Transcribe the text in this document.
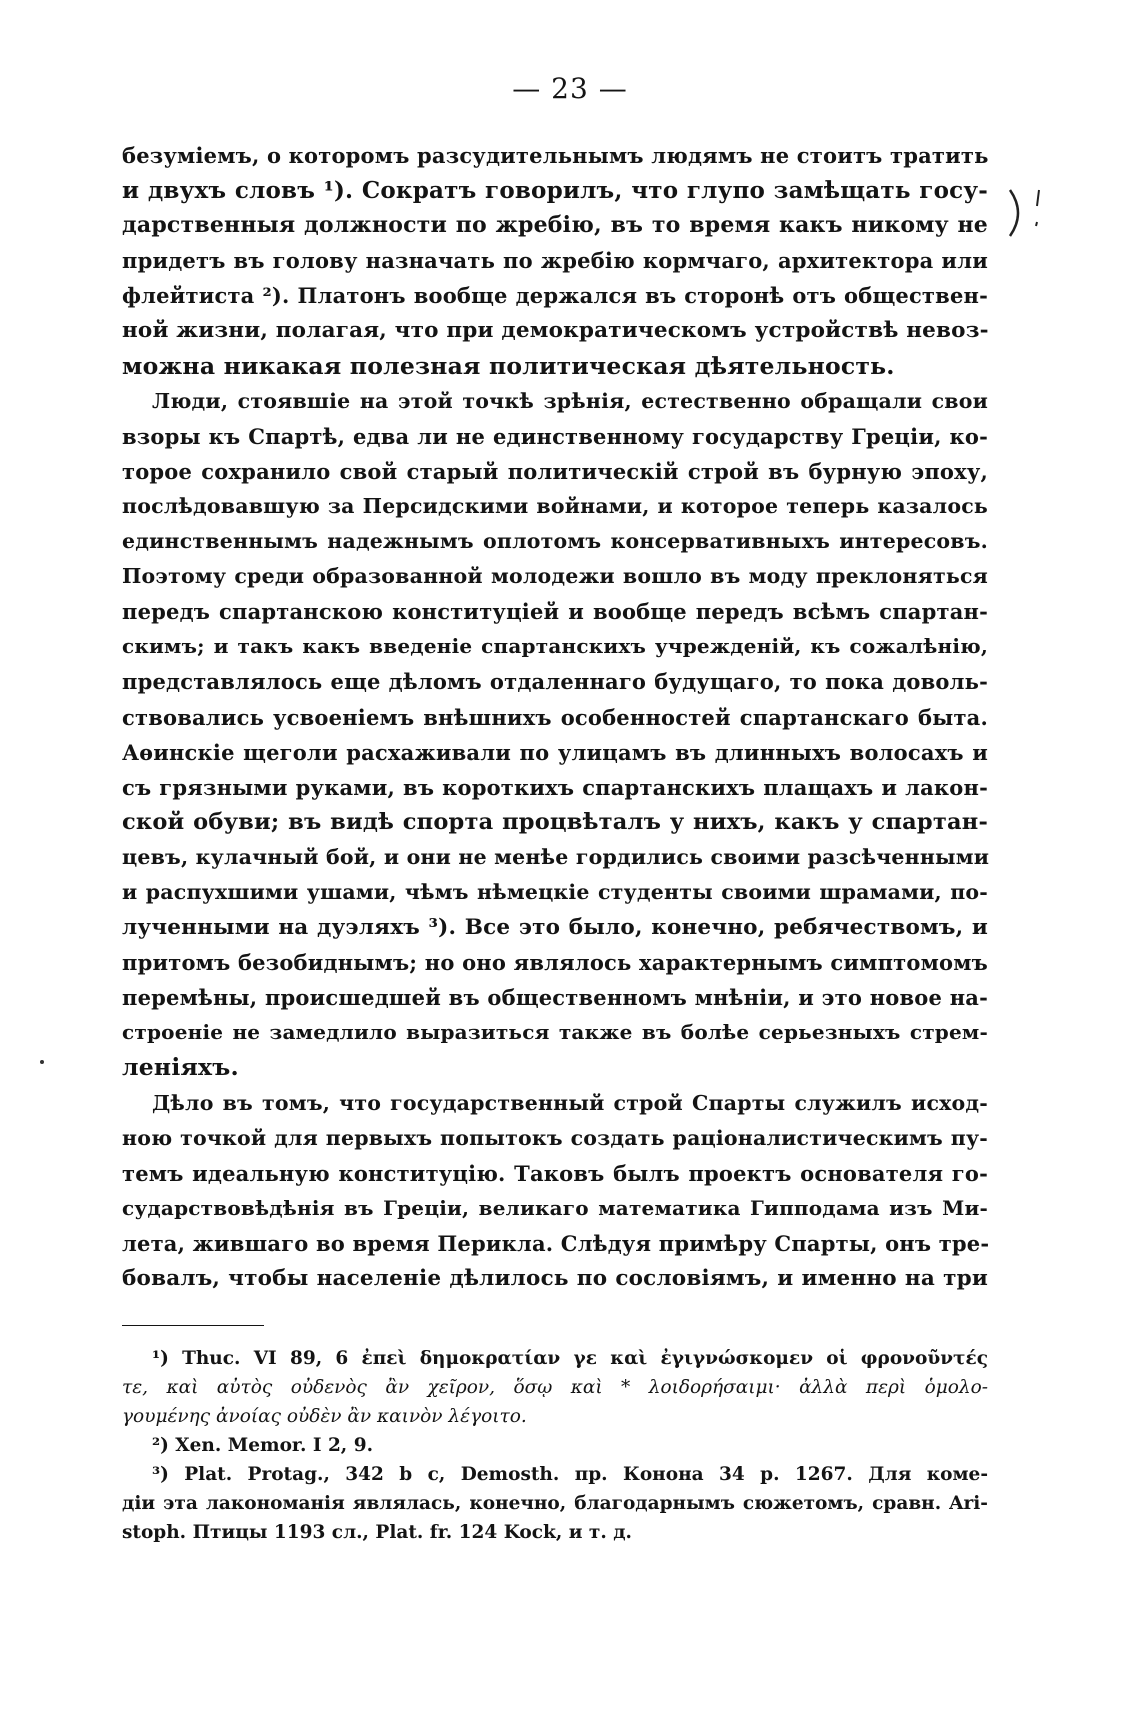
— 23 —
безумiемъ, о которомъ разсудительнымъ людямъ не стоитъ тратить
и двухъ словъ ¹). Сократъ говорилъ, что глупо замѣщать госу-
дарственныя должности по жребiю, въ то время какъ никому не
придетъ въ голову назначать по жребiю кормчаго, архитектора или
флейтиста ²). Платонъ вообще держался въ сторонѣ отъ обществен-
ной жизни, полагая, что при демократическомъ устройствѣ невоз-
можна никакая полезная политическая дѣятельность.
Люди, стоявшiе на этой точкѣ зрѣнiя, естественно обращали свои
взоры къ Спартѣ, едва ли не единственному государству Грецiи, ко-
торое сохранило свой старый политическiй строй въ бурную эпоху,
послѣдовавшую за Персидскими войнами, и которое теперь казалось
единственнымъ надежнымъ оплотомъ консервативныхъ интересовъ.
Поэтому среди образованной молодежи вошло въ моду преклоняться
передъ спартанскою конституцiей и вообще передъ всѣмъ спартан-
скимъ; и такъ какъ введенiе спартанскихъ учрежденiй, къ сожалѣнiю,
представлялось еще дѣломъ отдаленнаго будущаго, то пока доволь-
ствовались усвоенiемъ внѣшнихъ особенностей спартанскаго быта.
Аѳинскiе щеголи расхаживали по улицамъ въ длинныхъ волосахъ и
съ грязными руками, въ короткихъ спартанскихъ плащахъ и лакон-
ской обуви; въ видѣ спорта процвѣталъ у нихъ, какъ у спартан-
цевъ, кулачный бой, и они не менѣе гордились своими разсѣченными
и распухшими ушами, чѣмъ нѣмецкiе студенты своими шрамами, по-
лученными на дуэляхъ ³). Все это было, конечно, ребячествомъ, и
притомъ безобиднымъ; но оно являлось характернымъ симптомомъ
перемѣны, происшедшей въ общественномъ мнѣнiи, и это новое на-
строенiе не замедлило выразиться также въ болѣе серьезныхъ стрем-
ленiяхъ.
Дѣло въ томъ, что государственный строй Спарты служилъ исход-
ною точкой для первыхъ попытокъ создать рацiоналистическимъ пу-
темъ идеальную конституцiю. Таковъ былъ проектъ основателя го-
сударствовѣдѣнiя въ Грецiи, великаго математика Гипподама изъ Ми-
лета, жившаго во время Перикла. Слѣдуя примѣру Спарты, онъ тре-
бовалъ, чтобы населенiе дѣлилось по сословiямъ, и именно на три
¹) Thuc. VI 89, 6 ἐπεὶ δημοκρατίαν γε καὶ ἐγιγνώσκομεν οἱ φρονοῦντές
τε, καὶ αὐτὸς οὐδενὸς ἂν χεῖρον, ὅσῳ καὶ * λοιδορήσαιμι· ἀλλὰ περὶ ὁμολο-
γουμένης ἀνοίας οὐδὲν ἂν καινὸν λέγοιτο.
²) Xen. Memor. I 2, 9.
³) Plat. Protag., 342 b c, Demosth. пр. Конона 34 p. 1267. Для коме-
дiи эта лакономанiя являлась, конечно, благодарнымъ сюжетомъ, сравн. Ari-
stoph. Птицы 1193 сл., Plat. fr. 124 Kock, и т. д.
